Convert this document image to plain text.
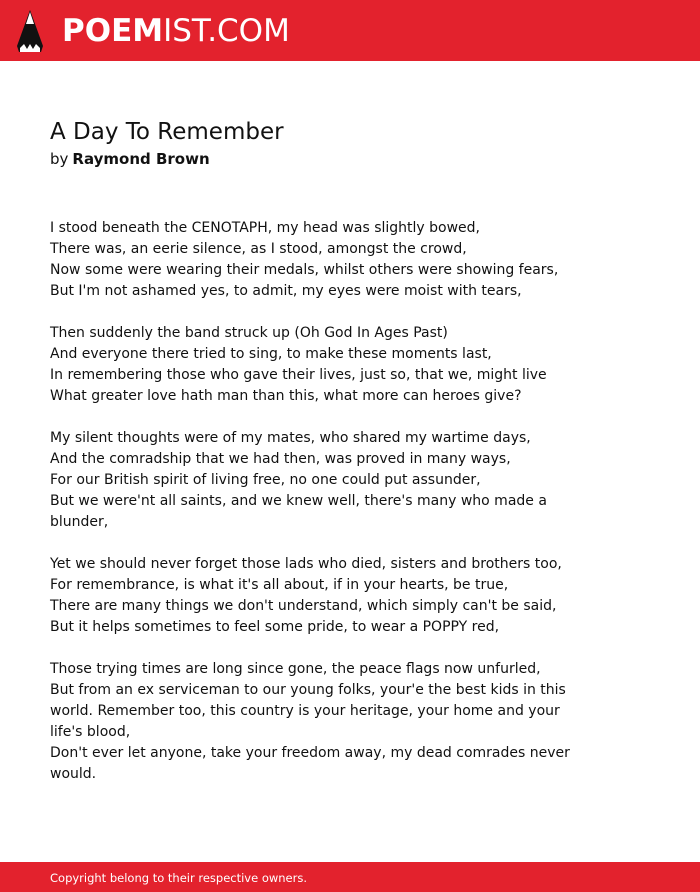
POEMIST.COM
A Day To Remember
by Raymond Brown
I stood beneath the CENOTAPH, my head was slightly bowed,
There was, an eerie silence, as I stood, amongst the crowd,
Now some were wearing their medals, whilst others were showing fears,
But I'm not ashamed yes, to admit, my eyes were moist with tears,
Then suddenly the band struck up (Oh God In Ages Past)
And everyone there tried to sing, to make these moments last,
In remembering those who gave their lives, just so, that we, might live
What greater love hath man than this, what more can heroes give?
My silent thoughts were of my mates, who shared my wartime days,
And the comradship that we had then, was proved in many ways,
For our British spirit of living free, no one could put assunder,
But we were'nt all saints, and we knew well, there's many who made a blunder,
Yet we should never forget those lads who died, sisters and brothers too,
For remembrance, is what it's all about, if in your hearts, be true,
There are many things we don't understand, which simply can't be said,
But it helps sometimes to feel some pride, to wear a POPPY red,
Those trying times are long since gone, the peace flags now unfurled,
But from an ex serviceman to our young folks, your'e the best kids in this world. Remember too, this country is your heritage, your home and your life's blood,
Don't ever let anyone, take your freedom away, my dead comrades never would.
Copyright belong to their respective owners.
